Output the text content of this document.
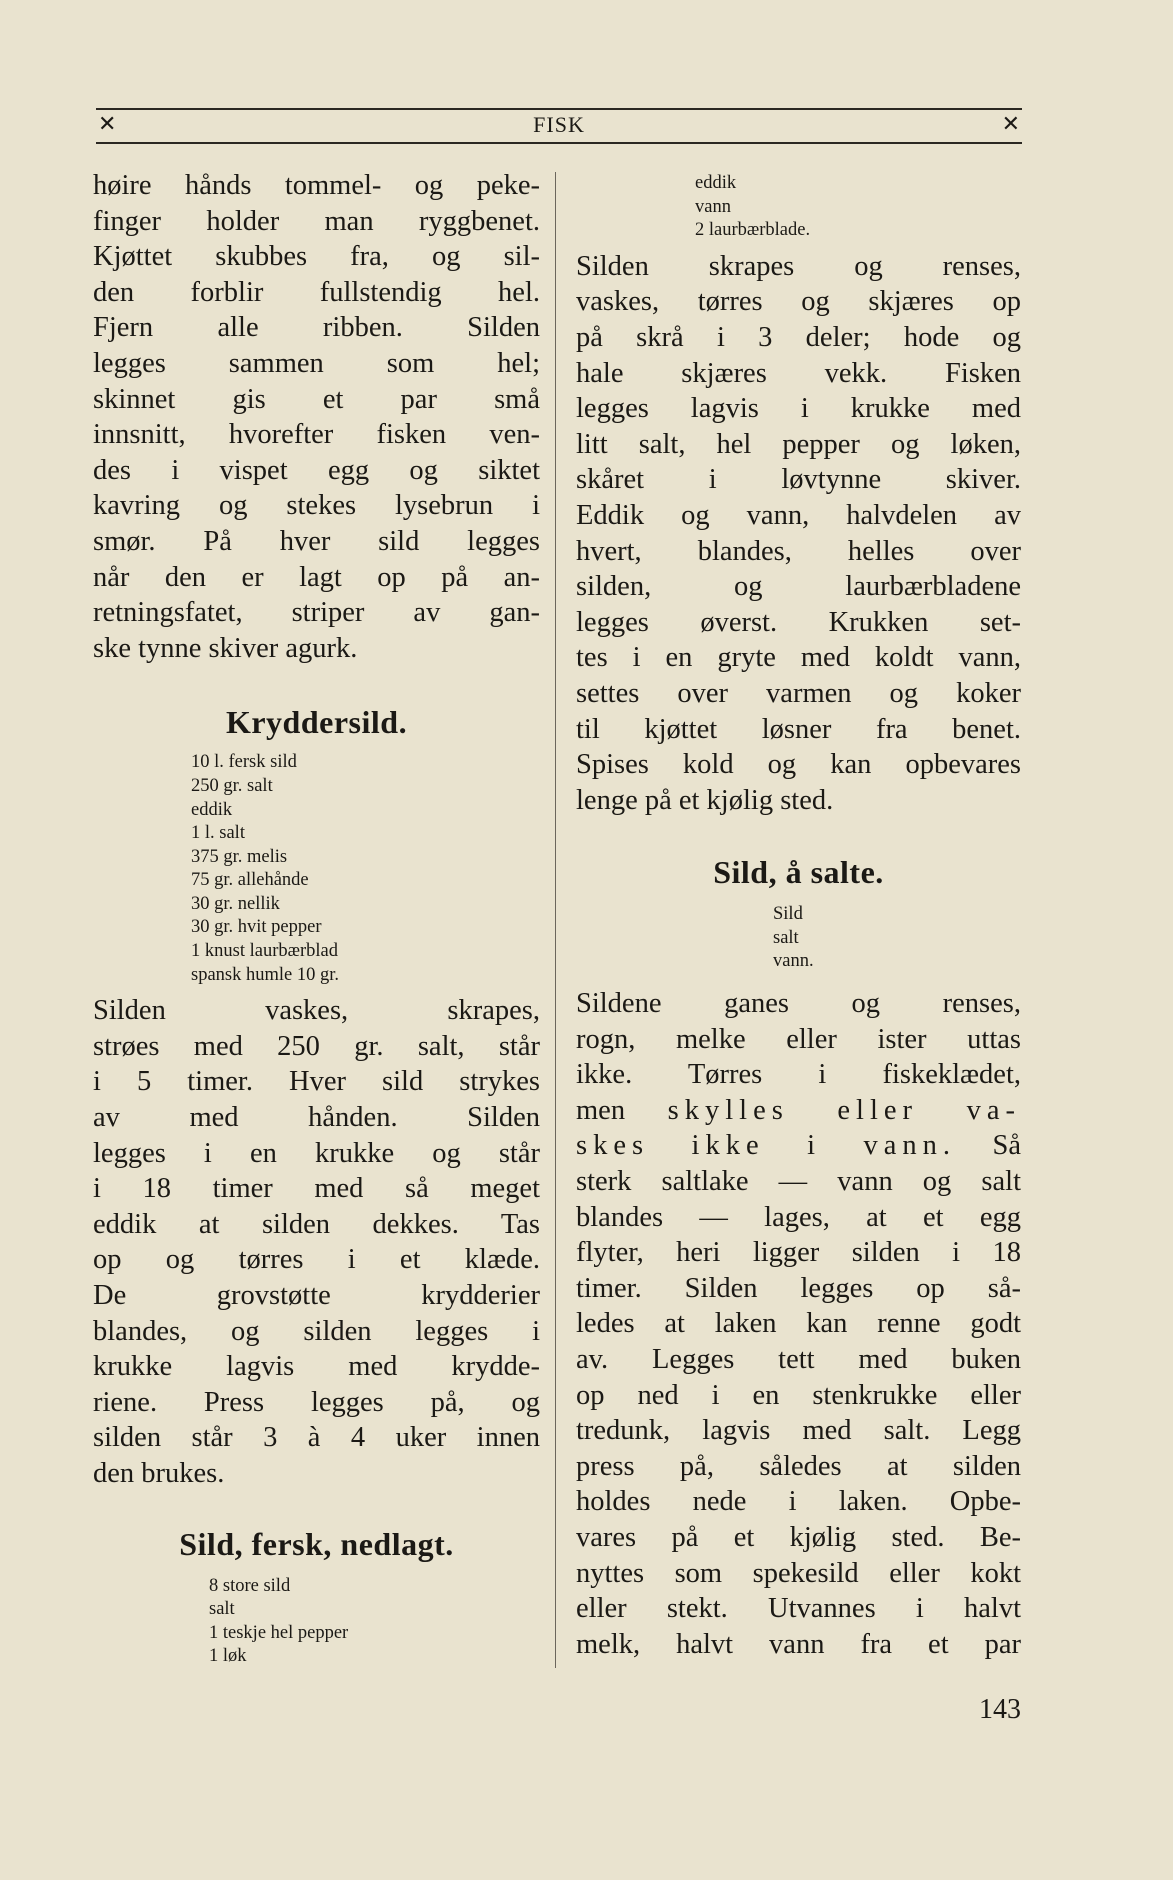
✕	FISK	✕
høire hånds tommel- og peke-
finger holder man ryggbenet.
Kjøttet skubbes fra, og sil-
den forblir fullstendig hel.
Fjern alle ribben. Silden
legges sammen som hel;
skinnet gis et par små
innsnitt, hvorefter fisken ven-
des i vispet egg og siktet
kavring og stekes lysebrun i
smør. På hver sild legges
når den er lagt op på an-
retningsfatet, striper av gan-
ske tynne skiver agurk.
Kryddersild.
10 l. fersk sild
250 gr. salt
eddik
1 l. salt
375 gr. melis
75 gr. allehånde
30 gr. nellik
30 gr. hvit pepper
1 knust laurbærblad
spansk humle 10 gr.
Silden vaskes, skrapes,
strøes med 250 gr. salt, står
i 5 timer. Hver sild strykes
av med hånden. Silden
legges i en krukke og står
i 18 timer med så meget
eddik at silden dekkes. Tas
op og tørres i et klæde.
De grovstøtte krydderier
blandes, og silden legges i
krukke lagvis med krydde-
riene. Press legges på, og
silden står 3 à 4 uker innen
den brukes.
Sild, fersk, nedlagt.
8 store sild
salt
1 teskje hel pepper
1 løk
eddik
vann
2 laurbærblade.
Silden skrapes og renses,
vaskes, tørres og skjæres op
på skrå i 3 deler; hode og
hale skjæres vekk. Fisken
legges lagvis i krukke med
litt salt, hel pepper og løken,
skåret i løvtynne skiver.
Eddik og vann, halvdelen av
hvert, blandes, helles over
silden, og laurbærbladene
legges øverst. Krukken set-
tes i en gryte med koldt vann,
settes over varmen og koker
til kjøttet løsner fra benet.
Spises kold og kan opbevares
lenge på et kjølig sted.
Sild, å salte.
Sild
salt
vann.
Sildene ganes og renses,
rogn, melke eller ister uttas
ikke. Tørres i fiskeklædet,
men skylles eller va-
skes ikke i vann. Så
sterk saltlake — vann og salt
blandes — lages, at et egg
flyter, heri ligger silden i 18
timer. Silden legges op så-
ledes at laken kan renne godt
av. Legges tett med buken
op ned i en stenkrukke eller
tredunk, lagvis med salt. Legg
press på, således at silden
holdes nede i laken. Opbe-
vares på et kjølig sted. Be-
nyttes som spekesild eller kokt
eller stekt. Utvannes i halvt
melk, halvt vann fra et par
143
